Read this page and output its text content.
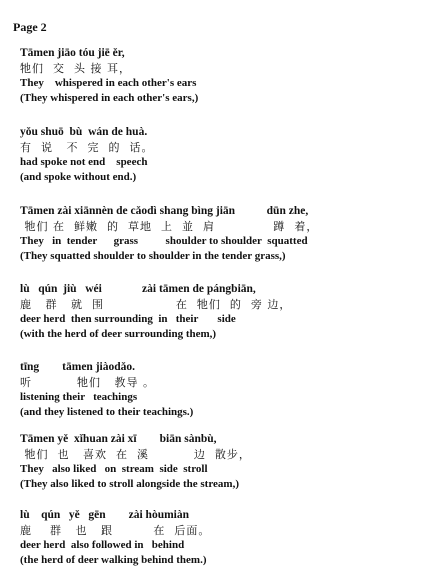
Page 2
Tāmen jiāo tóu jiē ěr,
牠们  交  头 接 耳，
They    whispered in each other's ears
(They whispered in each other's ears,)
yǒu shuō  bù  wán de huà.
有  说   不  完  的  话。
had spoke not end    speech
(and spoke without end.)
Tāmen zài xiānnèn de cǎodì shang bìng jiān           dūn zhe,
牠们 在  鲜嫩  的  草地  上  並  肩             蹲  着，
They   in  tender      grass          shoulder to shoulder  squatted
(They squatted shoulder to shoulder in the tender grass,)
lù   qún  jiù   wéi              zài tāmen de pángbiān,
鹿   群   就  围                在  牠们  的  旁 边，
deer herd  then surrounding  in   their       side
(with the herd of deer surrounding them,)
tīng        tāmen jiàodǎo.
听          牠们   教导 。
listening their   teachings
(and they listened to their teachings.)
Tāmen yě  xǐhuan zài xī        biān sànbù,
牠们  也   喜欢  在  溪          边  散步，
They   also liked   on  stream  side  stroll
(They also liked to stroll alongside the stream,)
lù    qún   yě   gēn        zài hòumiàn
鹿    群   也   跟         在  后面。
deer herd  also followed in   behind
(the herd of deer walking behind them.)
